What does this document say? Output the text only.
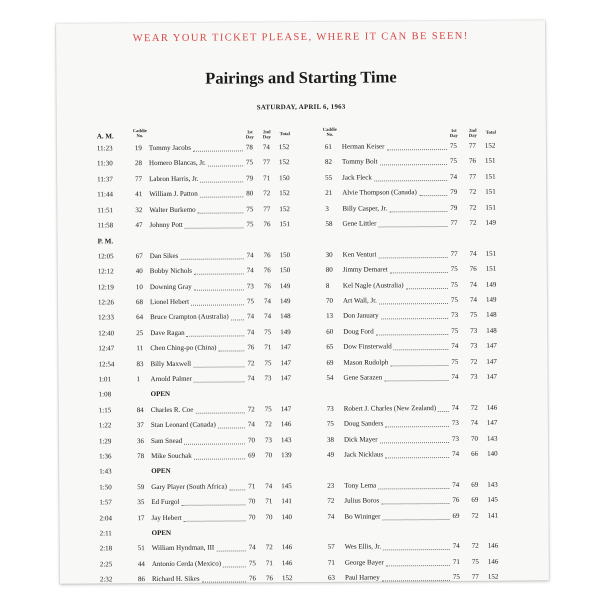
WEAR YOUR TICKET PLEASE, WHERE IT CAN BE SEEN!
Pairings and Starting Time
SATURDAY, APRIL 6, 1963
A. M.
Caddie No.
1st Day
2nd Day
Total
Caddie No.
1st Day
2nd Day
Total
11:23	19 Tommy Jacobs	78 74 152	61 Herman Keiser	75 77 152
11:30	28 Homero Blancas, Jr.	75 77 152	82 Tommy Bolt	75 76 151
11:37	77 Labron Harris, Jr.	79 71 150	55 Jack Fleck	74 77 151
11:44	41 William J. Patton	80 72 152	21 Alvie Thompson (Canada)	79 72 151
11:51	32 Walter Burkemo	75 77 152	3 Billy Casper, Jr.	79 72 151
11:58	47 Johnny Pott	75 76 151	58 Gene Littler	77 72 149
P. M.
12:05	67 Dan Sikes	74 76 150	30 Ken Venturi	77 74 151
12:12	40 Bobby Nichols	74 76 150	80 Jimmy Demaret	75 76 151
12:19	10 Downing Gray	73 76 149	8 Kel Nagle (Australia)	75 74 149
12:26	68 Lionel Hebert	75 74 149	70 Art Wall, Jr.	75 74 149
12:33	64 Bruce Crampton (Australia)	74 74 148	13 Don January	73 75 148
12:40	25 Dave Ragan	74 75 149	60 Doug Ford	75 73 148
12:47	11 Chen Ching-po (China)	76 71 147	65 Dow Finsterwald	74 73 147
12:54	83 Billy Maxwell	72 75 147	69 Mason Rudolph	75 72 147
1:01	1 Arnold Palmer	74 73 147	54 Gene Sarazen	74 73 147
1:08	OPEN
1:15	84 Charles R. Coe	72 75 147	73 Robert J. Charles (New Zealand) 74 72 146
1:22	37 Stan Leonard (Canada)	74 72 146	75 Doug Sanders	73 74 147
1:29	36 Sam Snead	70 73 143	38 Dick Mayer	73 70 143
1:36	78 Mike Souchak	69 70 139	49 Jack Nicklaus	74 66 140
1:43	OPEN
1:50	59 Gary Player (South Africa)	71 74 145	23 Tony Lema	74 69 143
1:57	35 Ed Furgol	70 71 141	72 Julius Boros	76 69 145
2:04	17 Jay Hebert	70 70 140	74 Bo Wininger	69 72 141
2:11	OPEN
2:18	51 William Hyndman, III	74 72 146	57 Wes Ellis, Jr.	74 72 146
2:25	44 Antonio Cerda (Mexico)	75 71 146	71 George Bayer	71 75 146
2:32	86 Richard H. Sikes	76 76 152	63 Paul Harney	75 77 152
